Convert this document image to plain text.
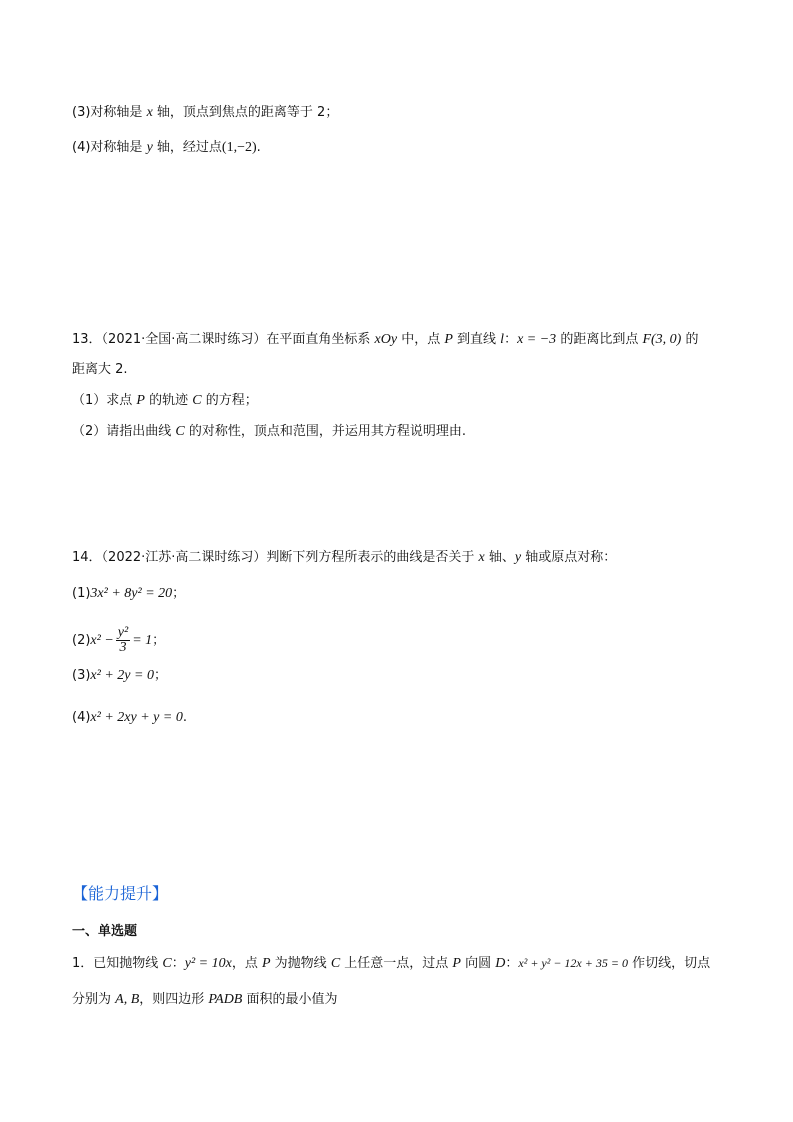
(3)对称轴是 x 轴，顶点到焦点的距离等于 2；
(4)对称轴是 y 轴，经过点(1,−2).
13．（2021·全国·高二课时练习）在平面直角坐标系 xOy 中，点 P 到直线 l：x = −3 的距离比到点 F(3, 0) 的
距离大 2.
（1）求点 P 的轨迹 C 的方程；
（2）请指出曲线 C 的对称性，顶点和范围，并运用其方程说明理由.
14．（2022·江苏·高二课时练习）判断下列方程所表示的曲线是否关于 x 轴、y 轴或原点对称：
(1)3x² + 8y² = 20；
$(2)x^2 - \frac{\text{y²}}{3} = 1$；
(3)x² + 2y = 0；
(4)x² + 2xy + y = 0.
【能力提升】
一、单选题
1．已知抛物线 C：y² = 10x，点 P 为抛物线 C 上任意一点，过点 P 向圆 D：x² + y² − 12x + 35 = 0 作切线，切点
分别为 A, B，则四边形 PADB 面积的最小值为
